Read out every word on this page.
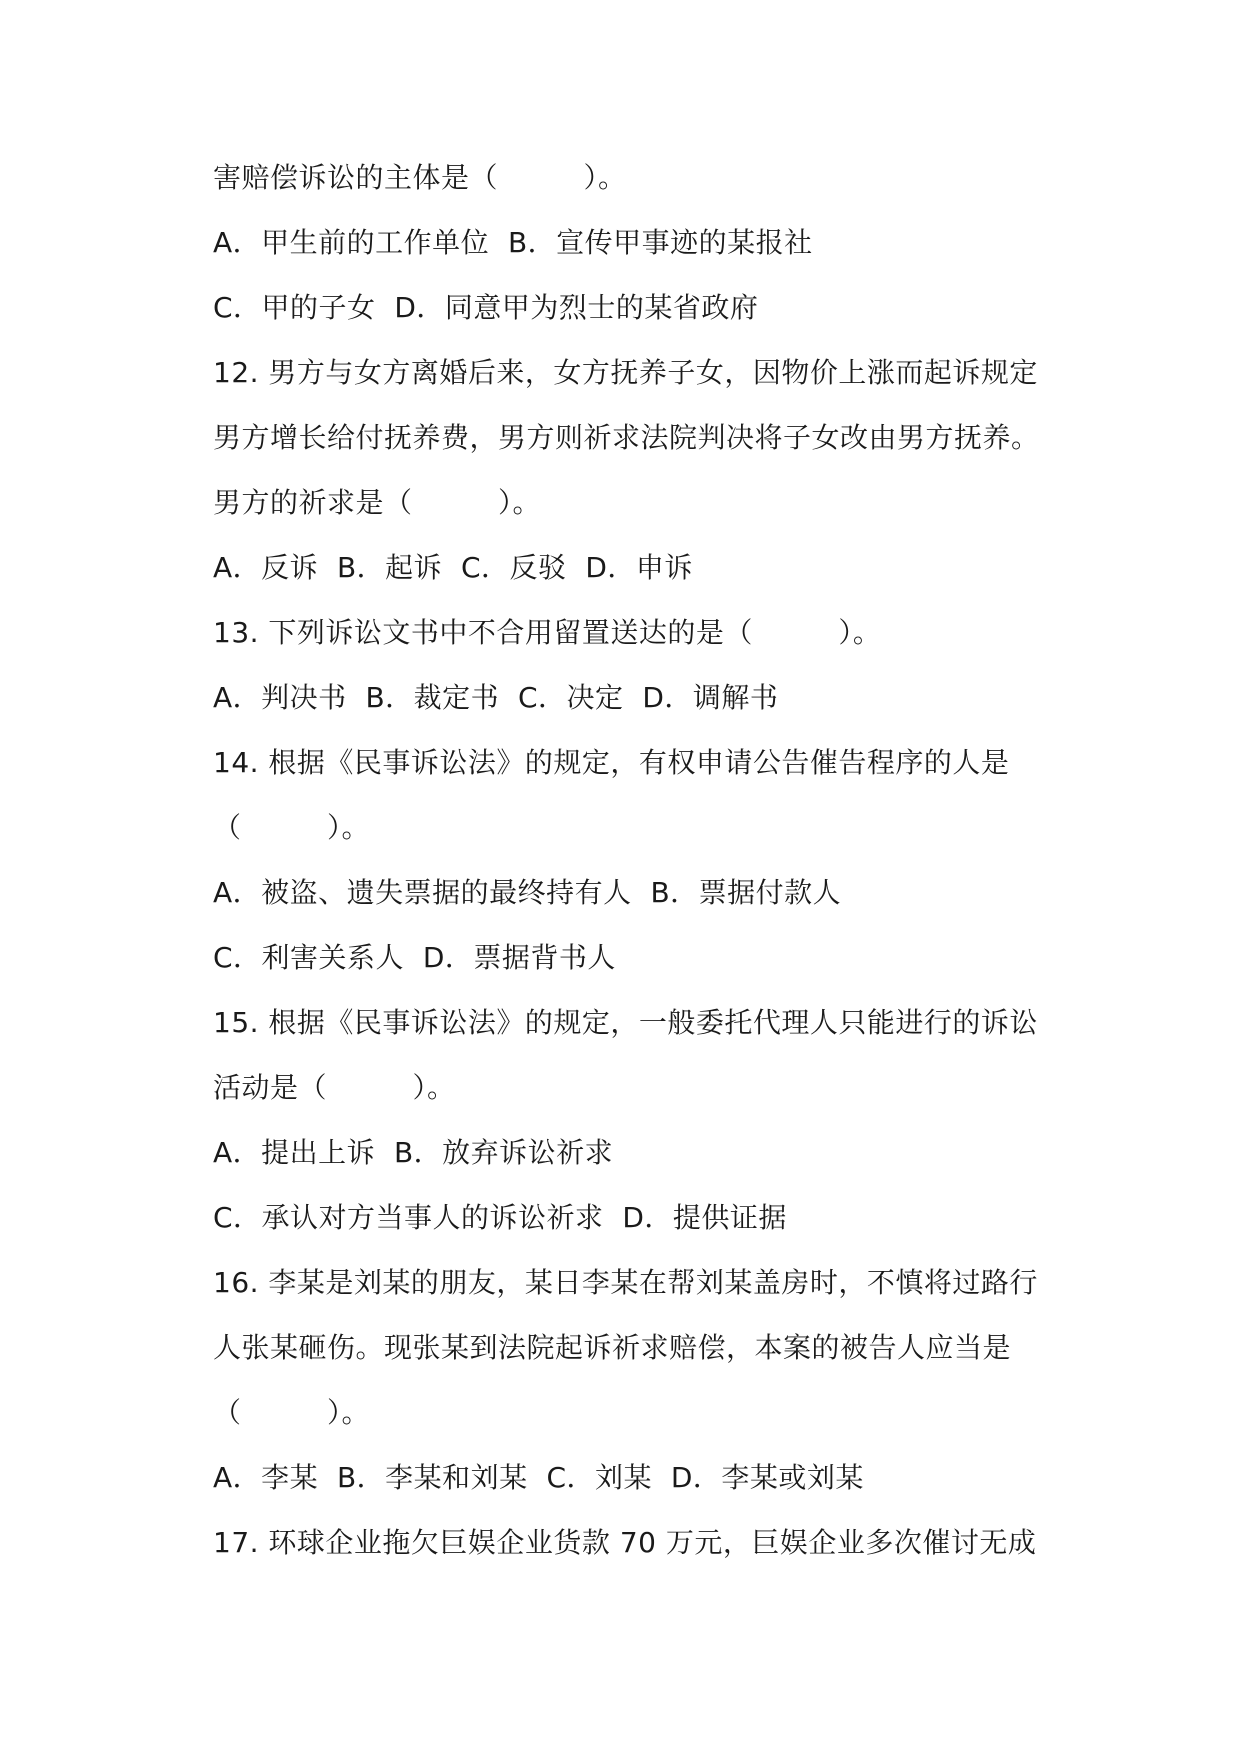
害赔偿诉讼的主体是（　　　）。
A．甲生前的工作单位  B．宣传甲事迹的某报社
C．甲的子女  D．同意甲为烈士的某省政府
12. 男方与女方离婚后来，女方抚养子女，因物价上涨而起诉规定
男方增长给付抚养费，男方则祈求法院判决将子女改由男方抚养。
男方的祈求是（　　　）。
A．反诉  B．起诉  C．反驳  D．申诉
13. 下列诉讼文书中不合用留置送达的是（　　　）。
A．判决书  B．裁定书  C．决定  D．调解书
14. 根据《民事诉讼法》的规定，有权申请公告催告程序的人是
（　　　）。
A．被盗、遗失票据的最终持有人  B．票据付款人
C．利害关系人  D．票据背书人
15. 根据《民事诉讼法》的规定，一般委托代理人只能进行的诉讼
活动是（　　　）。
A．提出上诉  B．放弃诉讼祈求
C．承认对方当事人的诉讼祈求  D．提供证据
16. 李某是刘某的朋友，某日李某在帮刘某盖房时，不慎将过路行
人张某砸伤。现张某到法院起诉祈求赔偿，本案的被告人应当是
（　　　）。
A．李某  B．李某和刘某  C．刘某  D．李某或刘某
17. 环球企业拖欠巨娱企业货款 70 万元，巨娱企业多次催讨无成
